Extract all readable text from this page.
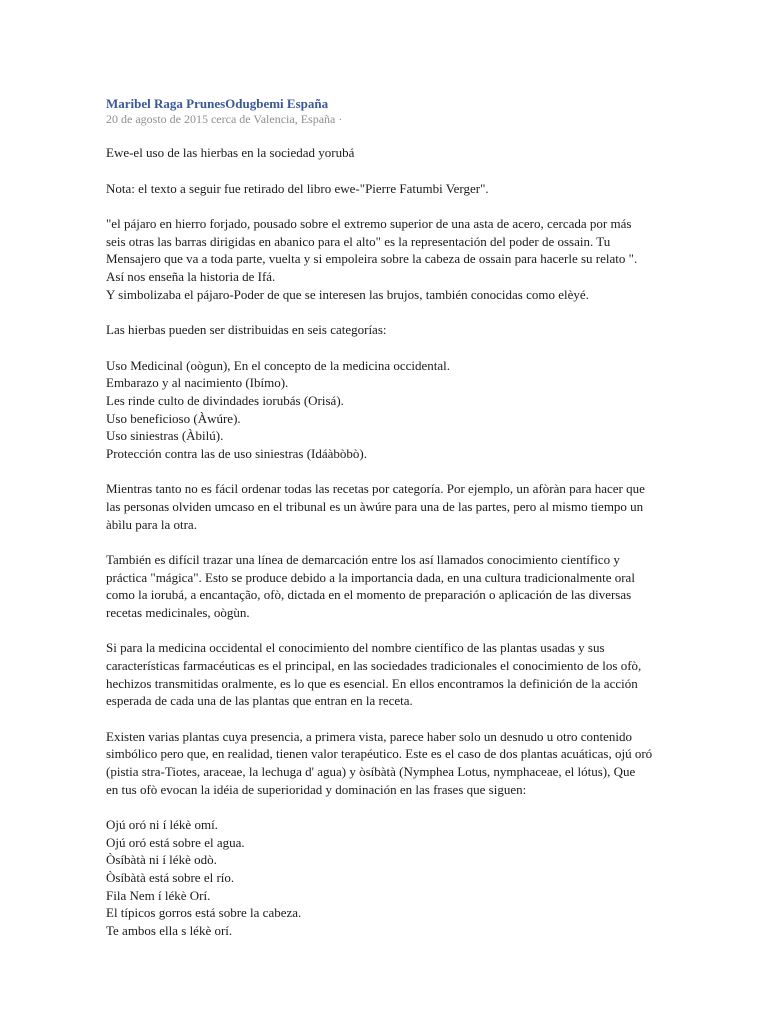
Maribel Raga PrunesOdugbemi España

20 de agosto de 2015 cerca de Valencia, España ·

Ewe-el uso de las hierbas en la sociedad yorubá

Nota: el texto a seguir fue retirado del libro ewe-"Pierre Fatumbi Verger".

"el pájaro en hierro forjado, pousado sobre el extremo superior de una asta de acero, cercada por más
seis otras las barras dirigidas en abanico para el alto" es la representación del poder de ossain. Tu
Mensajero que va a toda parte, vuelta y si empoleira sobre la cabeza de ossain para hacerle su relato ".
Así nos enseña la historia de Ifá.
Y simbolizaba el pájaro-Poder de que se interesen las brujos, también conocidas como elèyé.

Las hierbas pueden ser distribuidas en seis categorías:

Uso Medicinal (oògun), En el concepto de la medicina occidental.
Embarazo y al nacimiento (Ibímo).
Les rinde culto de divindades iorubás (Orisá).
Uso beneficioso (Àwúre).
Uso siniestras (Àbilú).
Protección contra las de uso siniestras (Idáàbòbò).

Mientras tanto no es fácil ordenar todas las recetas por categoría. Por ejemplo, un afòràn para hacer que
las personas olviden umcaso en el tribunal es un àwúre para una de las partes, pero al mismo tiempo un
àbìlu para la otra.

También es difícil trazar una línea de demarcación entre los así llamados conocimiento científico y
práctica "mágica". Esto se produce debido a la importancia dada, en una cultura tradicionalmente oral
como la iorubá, a encantação, ofò, dictada en el momento de preparación o aplicación de las diversas
recetas medicinales, oògùn.

Si para la medicina occidental el conocimiento del nombre científico de las plantas usadas y sus
características farmacéuticas es el principal, en las sociedades tradicionales el conocimiento de los ofò,
hechizos transmitidas oralmente, es lo que es esencial. En ellos encontramos la definición de la acción
esperada de cada una de las plantas que entran en la receta.

Existen varias plantas cuya presencia, a primera vista, parece haber solo un desnudo u otro contenido
simbólico pero que, en realidad, tienen valor terapéutico. Este es el caso de dos plantas acuáticas, ojú oró
(pistia stra-Tiotes, araceae, la lechuga d' agua) y òsíbàtà (Nymphea Lotus, nymphaceae, el lótus), Que
en tus ofò evocan la idéia de superioridad y dominación en las frases que siguen:

Ojú oró ni í lékè omí.
Ojú oró está sobre el agua.
Òsíbàtà ni í lékè odò.
Òsíbàtà está sobre el río.
Fila Nem í lékè Orí.
El típicos gorros está sobre la cabeza.
Te ambos ella s lékè orí.
